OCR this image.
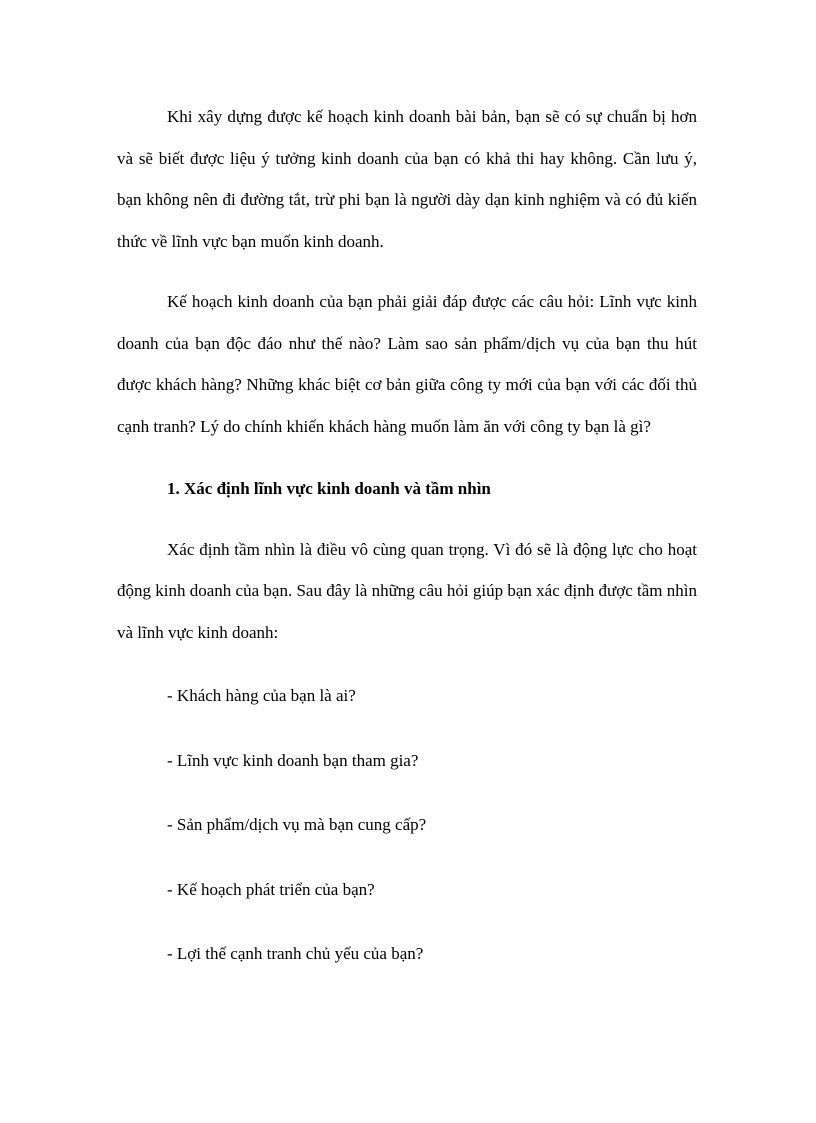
Khi xây dựng được kế hoạch kinh doanh bài bản, bạn sẽ có sự chuẩn bị hơn và sẽ biết được liệu ý tưởng kinh doanh của bạn có khả thi hay không. Cần lưu ý, bạn không nên đi đường tắt, trừ phi bạn là người dày dạn kinh nghiệm và có đủ kiến thức về lĩnh vực bạn muốn kinh doanh.

Kế hoạch kinh doanh của bạn phải giải đáp được các câu hỏi: Lĩnh vực kinh doanh của bạn độc đáo như thế nào? Làm sao sản phẩm/dịch vụ của bạn thu hút được khách hàng? Những khác biệt cơ bản giữa công ty mới của bạn với các đối thủ cạnh tranh? Lý do chính khiến khách hàng muốn làm ăn với công ty bạn là gì?

1. Xác định lĩnh vực kinh doanh và tầm nhìn

Xác định tầm nhìn là điều vô cùng quan trọng. Vì đó sẽ là động lực cho hoạt động kinh doanh của bạn. Sau đây là những câu hỏi giúp bạn xác định được tầm nhìn và lĩnh vực kinh doanh:

- Khách hàng của bạn là ai?
- Lĩnh vực kinh doanh bạn tham gia?
- Sản phẩm/dịch vụ mà bạn cung cấp?
- Kế hoạch phát triển của bạn?
- Lợi thế cạnh tranh chủ yếu của bạn?
